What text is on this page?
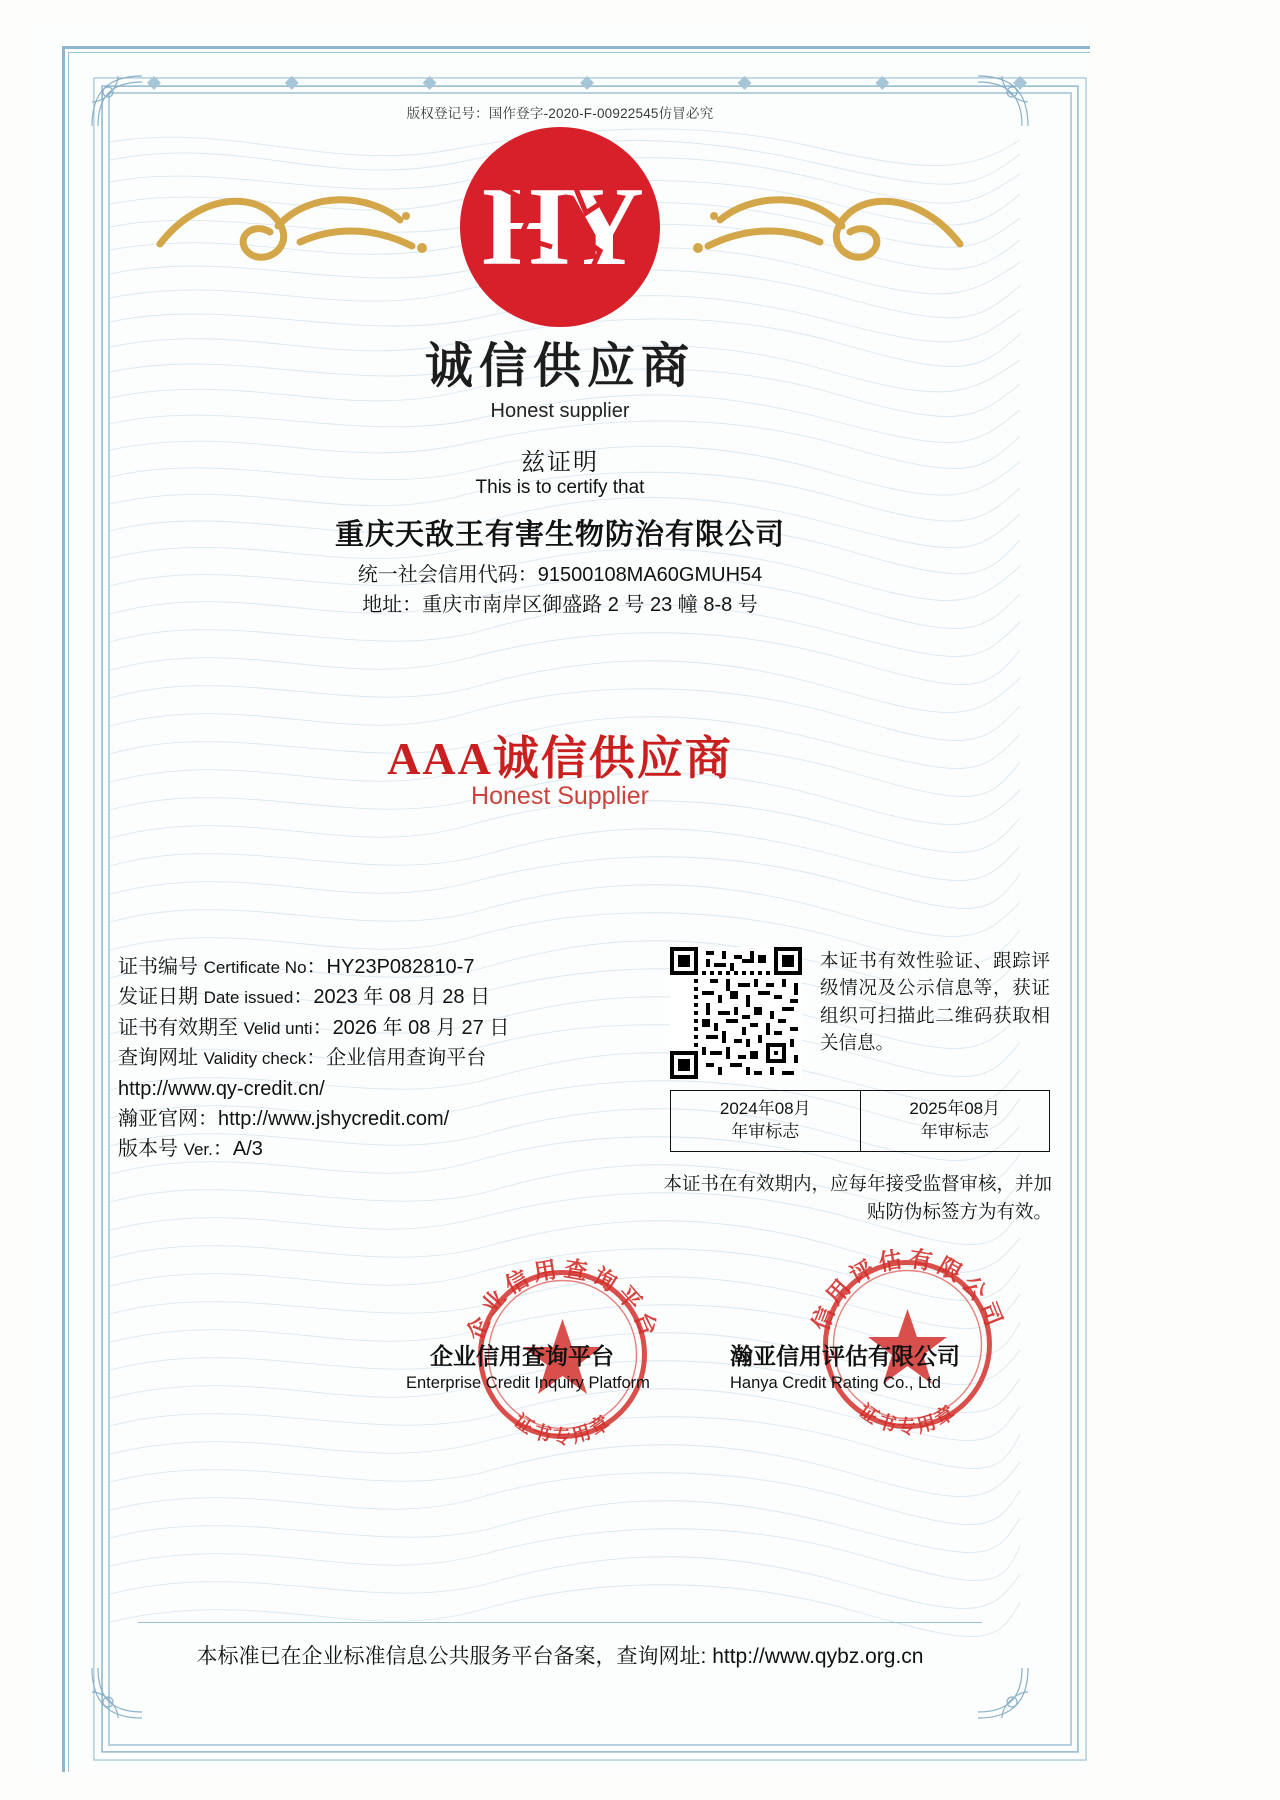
版权登记号：国作登字-2020-F-00922545仿冒必究
HY
诚信供应商
Honest supplier
兹证明
This is to certify that
重庆天敌王有害生物防治有限公司
统一社会信用代码：91500108MA60GMUH54
地址：重庆市南岸区御盛路 2 号 23 幢 8-8 号
AAA诚信供应商
Honest Supplier
证书编号 Certificate No：HY23P082810-7
发证日期 Date issued：2023 年 08 月 28 日
证书有效期至 Velid unti：2026 年 08 月 27 日
查询网址 Validity check：企业信用查询平台
http://www.qy-credit.cn/
瀚亚官网：http://www.jshycredit.com/
版本号 Ver.：A/3
本证书有效性验证、跟踪评级情况及公示信息等，获证组织可扫描此二维码获取相关信息。
2024年08月
年审标志
2025年08月
年审标志
本证书在有效期内，应每年接受监督审核，并加贴防伪标签方为有效。
企业信用查询平台
证书专用章
信用评估有限公司
证书专用章
企业信用查询平台
Enterprise Credit Inquiry Platform
瀚亚信用评估有限公司
Hanya Credit Rating Co., Ltd
本标准已在企业标准信息公共服务平台备案，查询网址: http://www.qybz.org.cn
